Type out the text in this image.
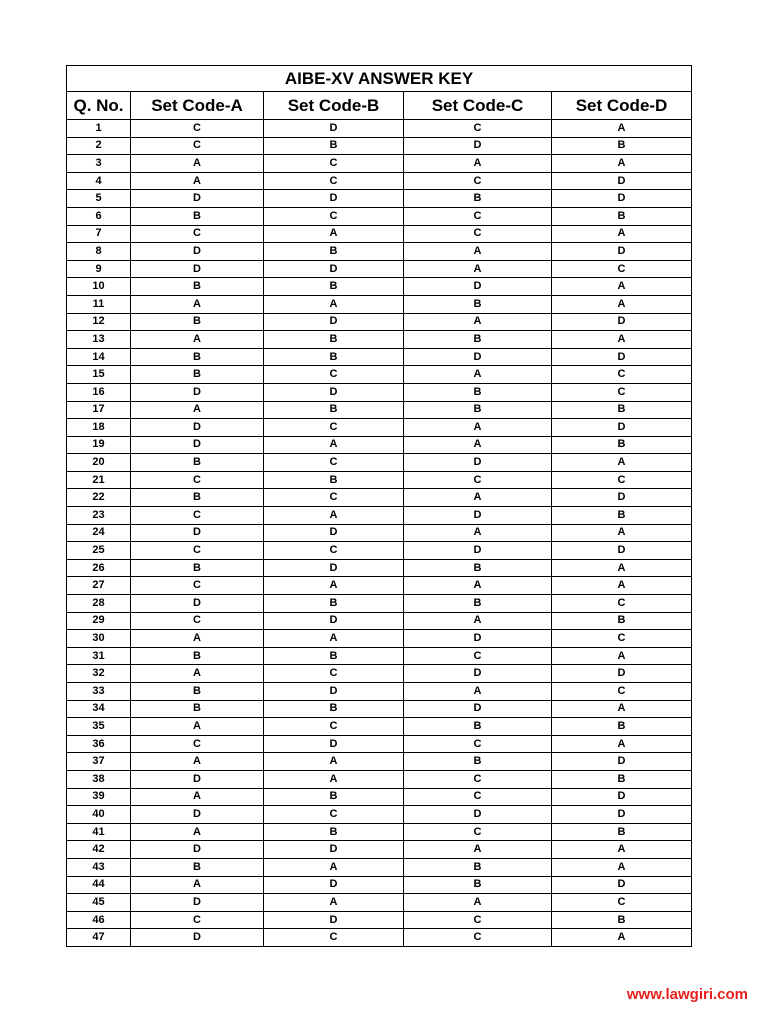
AIBE-XV ANSWER KEY				
Q. No.	Set Code-A	Set Code-B	Set Code-C	Set Code-D
1	C	D	C	A
2	C	B	D	B
3	A	C	A	A
4	A	C	C	D
5	D	D	B	D
6	B	C	C	B
7	C	A	C	A
8	D	B	A	D
9	D	D	A	C
10	B	B	D	A
11	A	A	B	A
12	B	D	A	D
13	A	B	B	A
14	B	B	D	D
15	B	C	A	C
16	D	D	B	C
17	A	B	B	B
18	D	C	A	D
19	D	A	A	B
20	B	C	D	A
21	C	B	C	C
22	B	C	A	D
23	C	A	D	B
24	D	D	A	A
25	C	C	D	D
26	B	D	B	A
27	C	A	A	A
28	D	B	B	C
29	C	D	A	B
30	A	A	D	C
31	B	B	C	A
32	A	C	D	D
33	B	D	A	C
34	B	B	D	A
35	A	C	B	B
36	C	D	C	A
37	A	A	B	D
38	D	A	C	B
39	A	B	C	D
40	D	C	D	D
41	A	B	C	B
42	D	D	A	A
43	B	A	B	A
44	A	D	B	D
45	D	A	A	C
46	C	D	C	B
47	D	C	C	A
www.lawgiri.com
